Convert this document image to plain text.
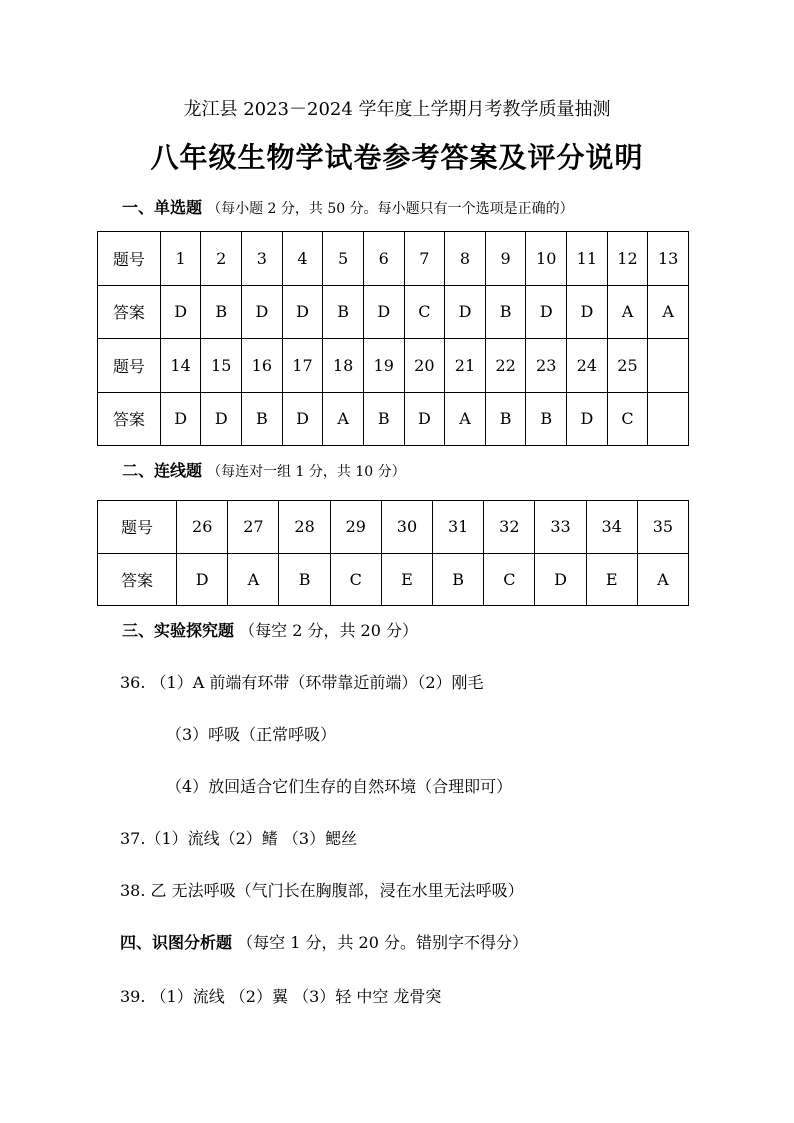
龙江县 2023－2024 学年度上学期月考教学质量抽测
八年级生物学试卷参考答案及评分说明
一、单选题 （每小题 2 分，共 50 分。每小题只有一个选项是正确的）
题号	1	2	3	4	5	6	7	8	9	10	11	12	13
答案	D	B	D	D	B	D	C	D	B	D	D	A	A
题号	14	15	16	17	18	19	20	21	22	23	24	25	
答案	D	D	B	D	A	B	D	A	B	B	D	C	
二、连线题 （每连对一组 1 分，共 10 分）
题号	26	27	28	29	30	31	32	33	34	35
答案	D	A	B	C	E	B	C	D	E	A
三、实验探究题 （每空 2 分，共 20 分）
36. （1）A 前端有环带（环带靠近前端）（2）刚毛
（3）呼吸（正常呼吸）
（4）放回适合它们生存的自然环境（合理即可）
37.（1）流线（2）鳍 （3）鳃丝
38. 乙 无法呼吸（气门长在胸腹部，浸在水里无法呼吸）
四、识图分析题 （每空 1 分，共 20 分。错别字不得分）
39. （1）流线 （2）翼 （3）轻 中空 龙骨突
